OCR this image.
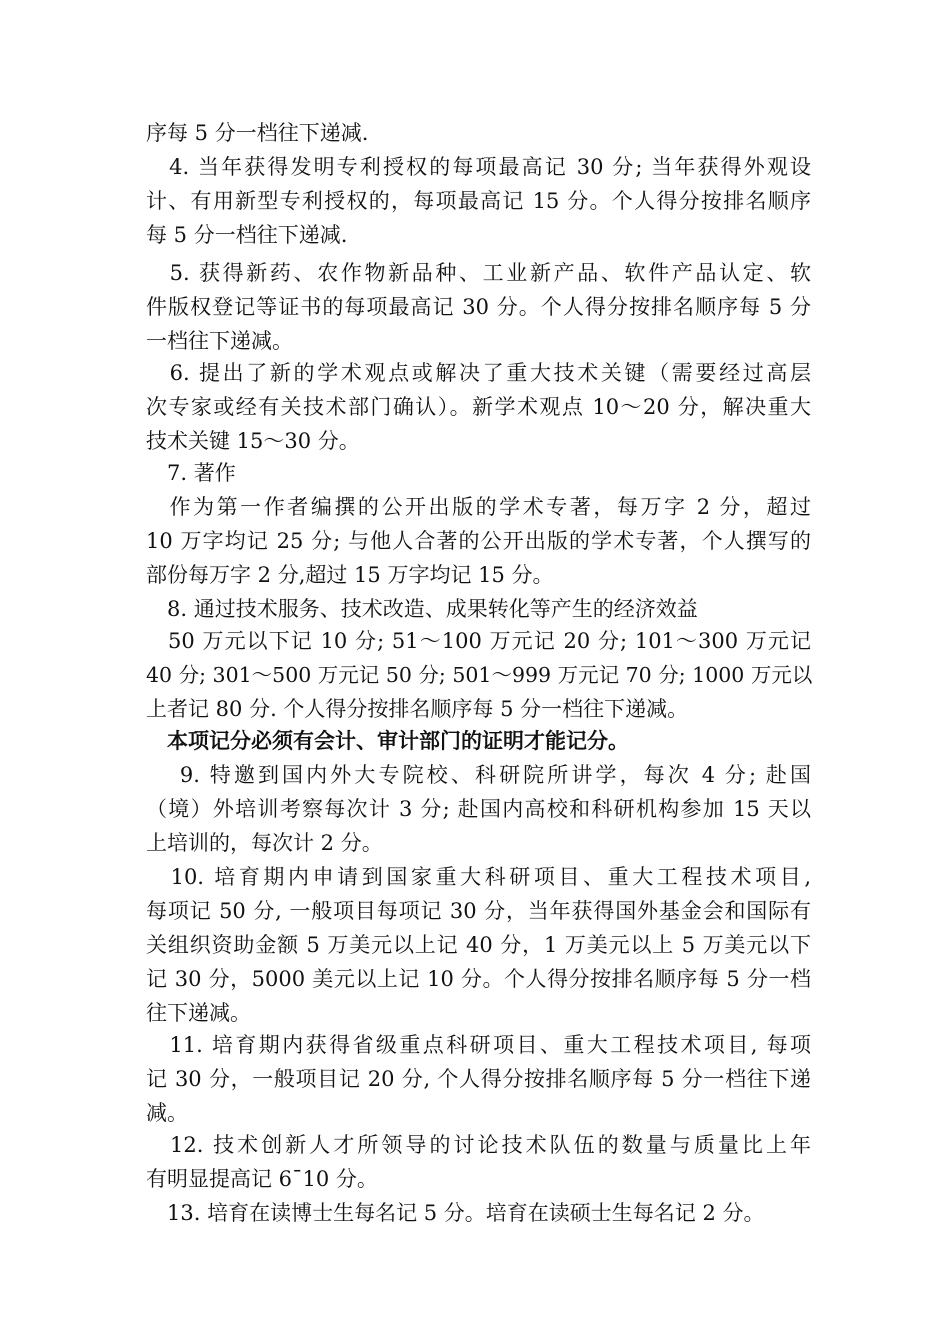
序每 5 分一档往下递减.
　4. 当年获得发明专利授权的每项最高记 30 分; 当年获得外观设
计、有用新型专利授权的，每项最高记 15 分。个人得分按排名顺序
每 5 分一档往下递减.
　5. 获得新药、农作物新品种、工业新产品、软件产品认定、软
件版权登记等证书的每项最高记 30 分。个人得分按排名顺序每 5 分
一档往下递减。
　6. 提出了新的学术观点或解决了重大技术关键（需要经过高层
次专家或经有关技术部门确认）。新学术观点 10～20 分，解决重大
技术关键 15～30 分。
　7. 著作
　作为第一作者编撰的公开出版的学术专著，每万字 2 分，超过
10 万字均记 25 分; 与他人合著的公开出版的学术专著，个人撰写的
部份每万字 2 分,超过 15 万字均记 15 分。
　8. 通过技术服务、技术改造、成果转化等产生的经济效益
　50 万元以下记 10 分; 51～100 万元记 20 分; 101～300 万元记
40 分; 301～500 万元记 50 分; 501～999 万元记 70 分; 1000 万元以
上者记 80 分. 个人得分按排名顺序每 5 分一档往下递减。
　本项记分必须有会计、审计部门的证明才能记分。
　 9. 特邀到国内外大专院校、科研院所讲学，每次 4 分; 赴国
（境）外培训考察每次计 3 分; 赴国内高校和科研机构参加 15 天以
上培训的，每次计 2 分。
　10. 培育期内申请到国家重大科研项目、重大工程技术项目,
每项记 50 分, 一般项目每项记 30 分，当年获得国外基金会和国际有
关组织资助金额 5 万美元以上记 40 分，1 万美元以上 5 万美元以下
记 30 分，5000 美元以上记 10 分。个人得分按排名顺序每 5 分一档
往下递减。
　11. 培育期内获得省级重点科研项目、重大工程技术项目, 每项
记 30 分，一般项目记 20 分, 个人得分按排名顺序每 5 分一档往下递
减。
　12. 技术创新人才所领导的讨论技术队伍的数量与质量比上年
有明显提高记 6¯10 分。
　13. 培育在读博士生每名记 5 分。培育在读硕士生每名记 2 分。
